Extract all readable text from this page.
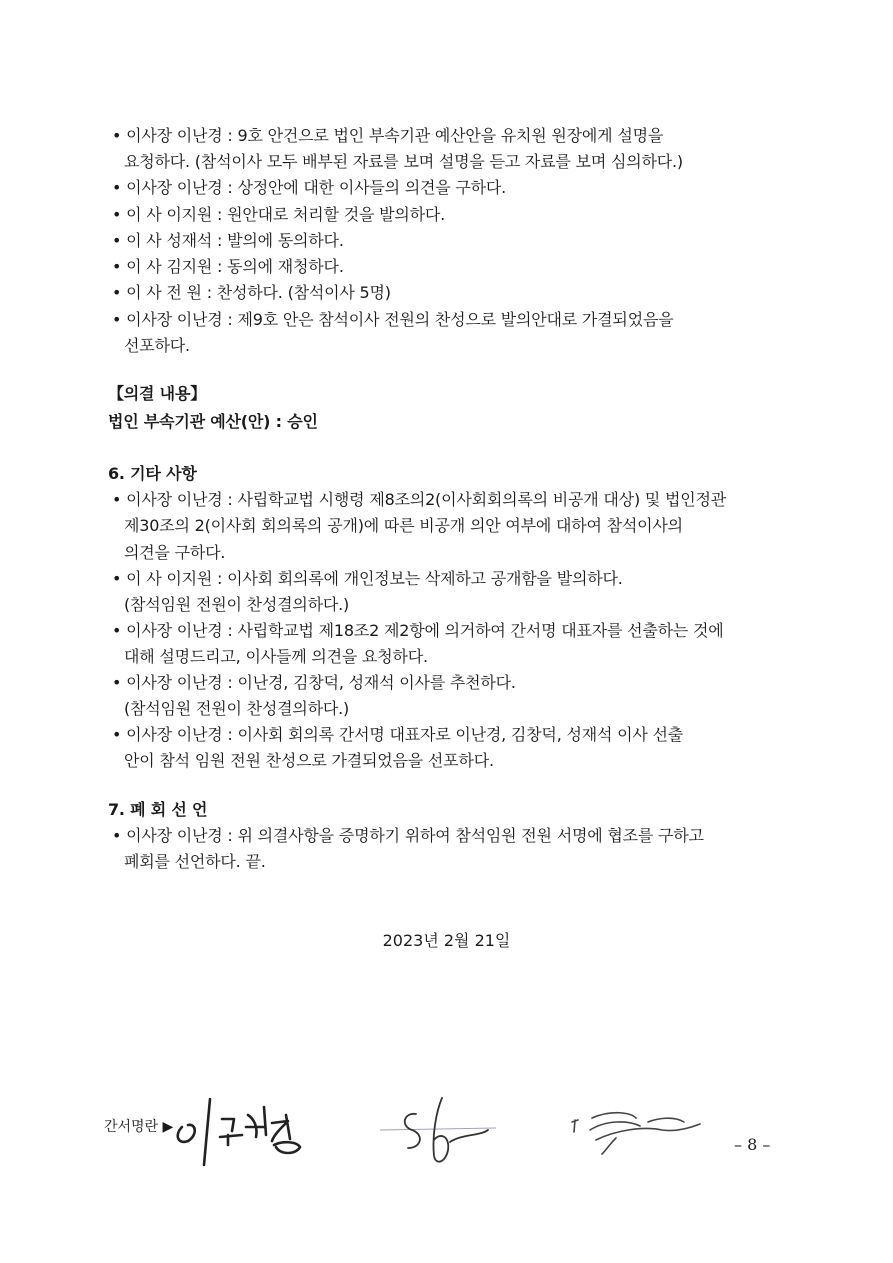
• 이사장 이난경 : 9호 안건으로 법인 부속기관 예산안을 유치원 원장에게 설명을
요청하다. (참석이사 모두 배부된 자료를 보며 설명을 듣고 자료를 보며 심의하다.)
• 이사장 이난경 : 상정안에 대한 이사들의 의견을 구하다.
• 이 사 이지원 : 원안대로 처리할 것을 발의하다.
• 이 사 성재석 : 발의에 동의하다.
• 이 사 김지원 : 동의에 재청하다.
• 이 사 전 원 : 찬성하다. (참석이사 5명)
• 이사장 이난경 : 제9호 안은 참석이사 전원의 찬성으로 발의안대로 가결되었음을
선포하다.
【의결 내용】
법인 부속기관 예산(안) : 승인
6. 기타 사항
• 이사장 이난경 : 사립학교법 시행령 제8조의2(이사회회의록의 비공개 대상) 및 법인정관
제30조의 2(이사회 회의록의 공개)에 따른 비공개 의안 여부에 대하여 참석이사의
의견을 구하다.
• 이 사 이지원 : 이사회 회의록에 개인정보는 삭제하고 공개함을 발의하다.
(참석임원 전원이 찬성결의하다.)
• 이사장 이난경 : 사립학교법 제18조2 제2항에 의거하여 간서명 대표자를 선출하는 것에
대해 설명드리고, 이사들께 의견을 요청하다.
• 이사장 이난경 : 이난경, 김창덕, 성재석 이사를 추천하다.
(참석임원 전원이 찬성결의하다.)
• 이사장 이난경 : 이사회 회의록 간서명 대표자로 이난경, 김창덕, 성재석 이사 선출
안이 참석 임원 전원 찬성으로 가결되었음을 선포하다.
7. 폐 회 선 언
• 이사장 이난경 : 위 의결사항을 증명하기 위하여 참석임원 전원 서명에 협조를 구하고
폐회를 선언하다. 끝.
2023년 2월 21일
간서명란 ▶
– 8 –
